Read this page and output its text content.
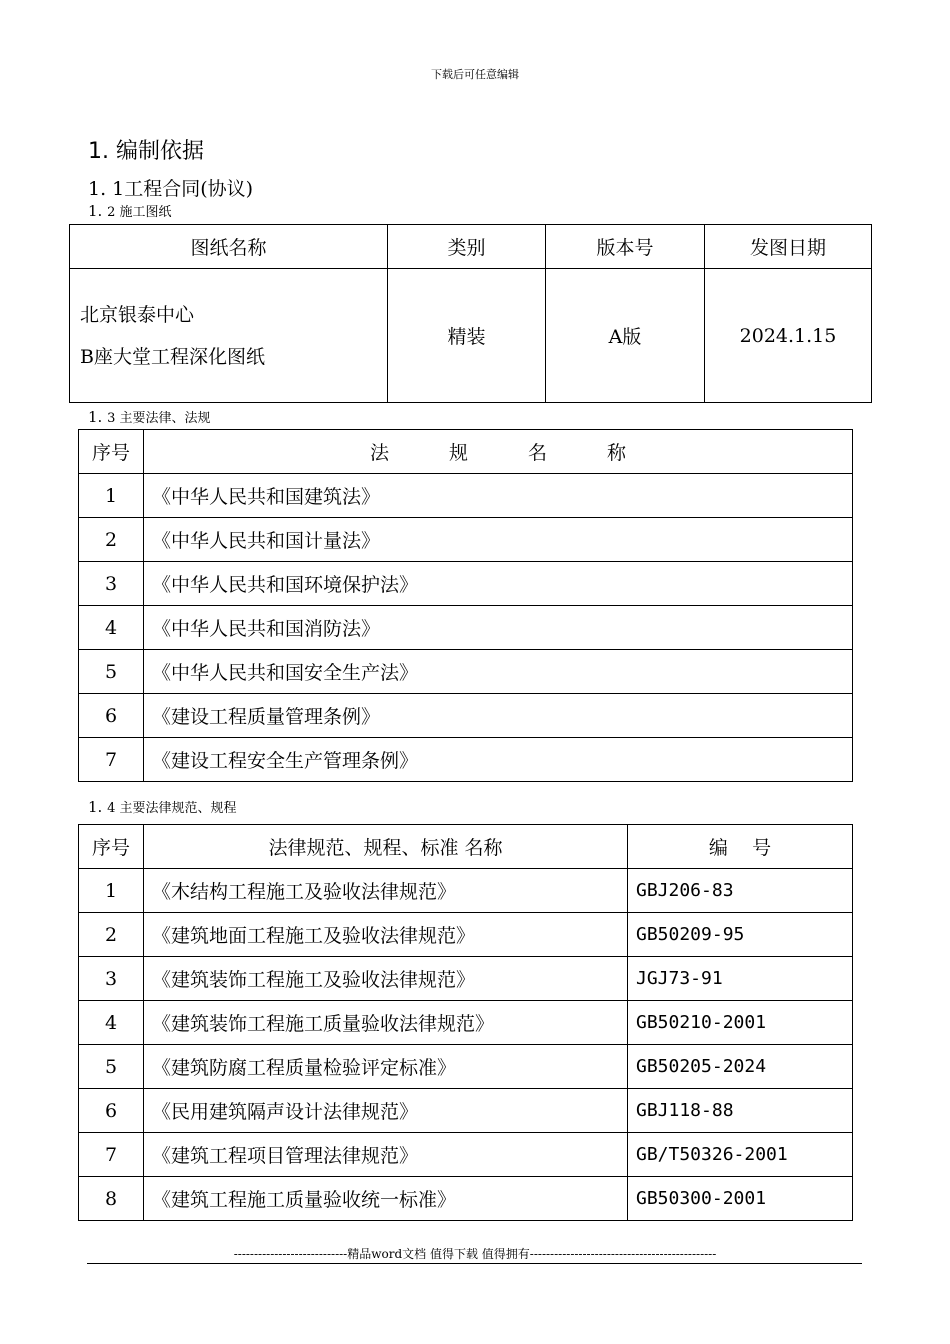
下载后可任意编辑
1. 编制依据
1. 1工程合同(协议)
1. 2 施工图纸
图纸名称	类别	版本号	发图日期

北京银泰中心
B座大堂工程深化图纸	精装	A版	2024.1.15
1. 3 主要法律、法规
序号	法 规 名 称
1	《中华人民共和国建筑法》
2	《中华人民共和国计量法》
3	《中华人民共和国环境保护法》
4	《中华人民共和国消防法》
5	《中华人民共和国安全生产法》
6	《建设工程质量管理条例》
7	《建设工程安全生产管理条例》
1. 4 主要法律规范、规程
序号	法律规范、规程、标准 名称	编    号
1	《木结构工程施工及验收法律规范》	GBJ206-83
2	《建筑地面工程施工及验收法律规范》	GB50209-95
3	《建筑装饰工程施工及验收法律规范》	JGJ73-91
4	《建筑装饰工程施工质量验收法律规范》	GB50210-2001
5	《建筑防腐工程质量检验评定标准》	GB50205-2024
6	《民用建筑隔声设计法律规范》	GBJ118-88
7	《建筑工程项目管理法律规范》	GB/T50326-2001
8	《建筑工程施工质量验收统一标准》	GB50300-2001
----------------------------精品word文档 值得下载 值得拥有----------------------------------------------
